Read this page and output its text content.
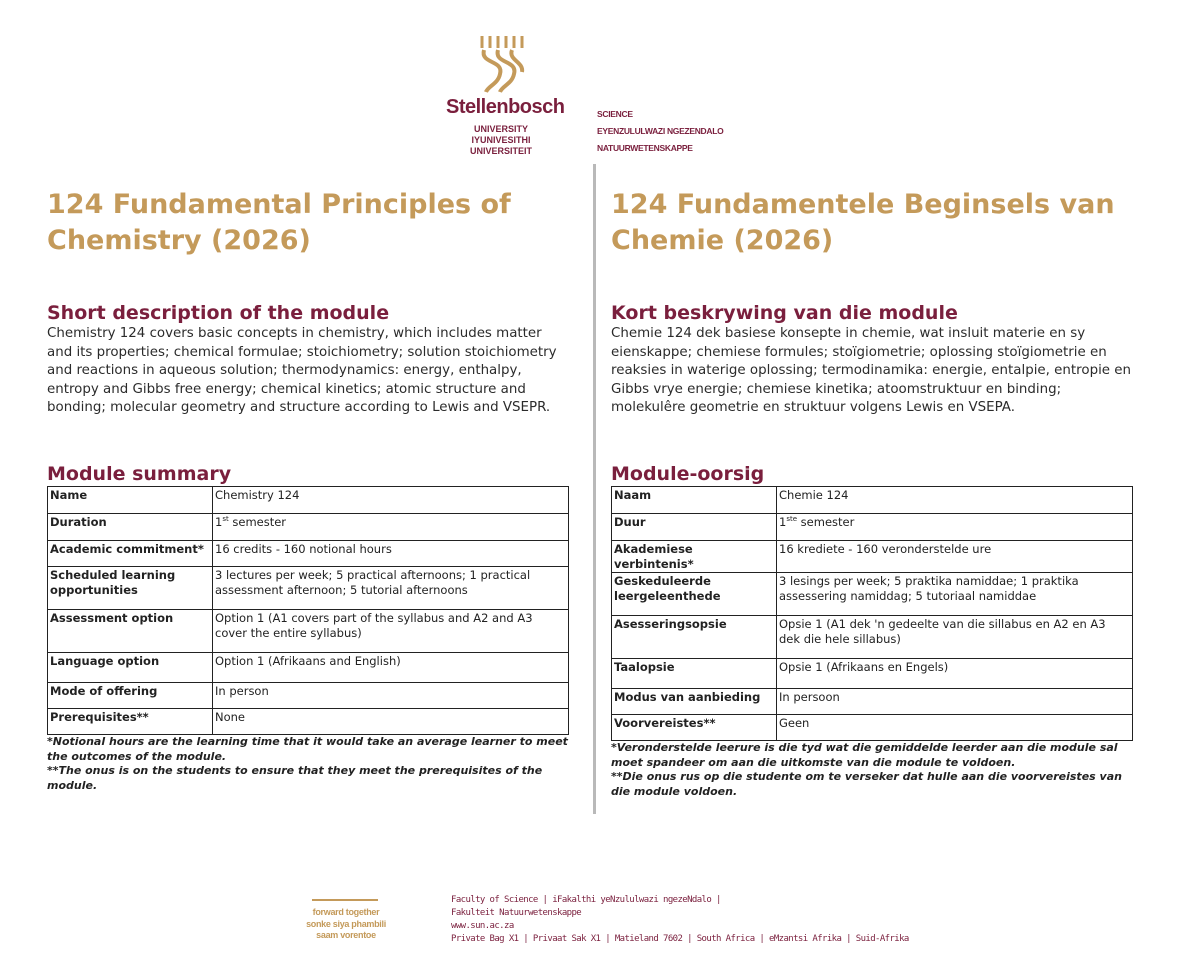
Stellenbosch
UNIVERSITY
IYUNIVESITHI
UNIVERSITEIT
SCIENCE
EYENZULULWAZI NGEZENDALO
NATUURWETENSKAPPE
124 Fundamental Principles of Chemistry (2026)
Short description of the module

Chemistry 124 covers basic concepts in chemistry, which includes matter and its properties; chemical formulae; stoichiometry; solution stoichiometry and reactions in aqueous solution; thermodynamics: energy, enthalpy, entropy and Gibbs free energy; chemical kinetics; atomic structure and bonding; molecular geometry and structure according to Lewis and VSEPR.

Module summary
Name	Chemistry 124
Duration	1st semester
Academic commitment*	16 credits - 160 notional hours
Scheduled learning opportunities	3 lectures per week; 5 practical afternoons; 1 practical assessment afternoon; 5 tutorial afternoons
Assessment option	Option 1 (A1 covers part of the syllabus and A2 and A3 cover the entire syllabus)
Language option	Option 1 (Afrikaans and English)
Mode of offering	In person
Prerequisites**	None
*Notional hours are the learning time that it would take an average learner to meet the outcomes of the module.
**The onus is on the students to ensure that they meet the prerequisites of the module.
124 Fundamentele Beginsels van Chemie (2026)
Kort beskrywing van die module

Chemie 124 dek basiese konsepte in chemie, wat insluit materie en sy eienskappe; chemiese formules; stoïgiometrie; oplossing stoïgiometrie en reaksies in waterige oplossing; termodinamika: energie, entalpie, entropie en Gibbs vrye energie; chemiese kinetika; atoomstruktuur en binding; molekulêre geometrie en struktuur volgens Lewis en VSEPA.

Module-oorsig
Naam	Chemie 124
Duur	1ste semester
Akademiese verbintenis*	16 krediete - 160 veronderstelde ure
Geskeduleerde leergeleenthede	3 lesings per week; 5 praktika namiddae; 1 praktika assessering namiddag; 5 tutoriaal namiddae
Asesseringsopsie	Opsie 1 (A1 dek 'n gedeelte van die sillabus en A2 en A3 dek die hele sillabus)
Taalopsie	Opsie 1 (Afrikaans en Engels)
Modus van aanbieding	In persoon
Voorvereistes**	Geen
*Veronderstelde leerure is die tyd wat die gemiddelde leerder aan die module sal moet spandeer om aan die uitkomste van die module te voldoen.
**Die onus rus op die studente om te verseker dat hulle aan die voorvereistes van die module voldoen.
forward together
sonke siya phambili
saam vorentoe
Faculty of Science | iFakalthi yeNzululwazi ngezeNdalo |
Fakulteit Natuurwetenskappe
www.sun.ac.za
Private Bag X1 | Privaat Sak X1 | Matieland 7602 | South Africa | eMzantsi Afrika | Suid-Afrika
